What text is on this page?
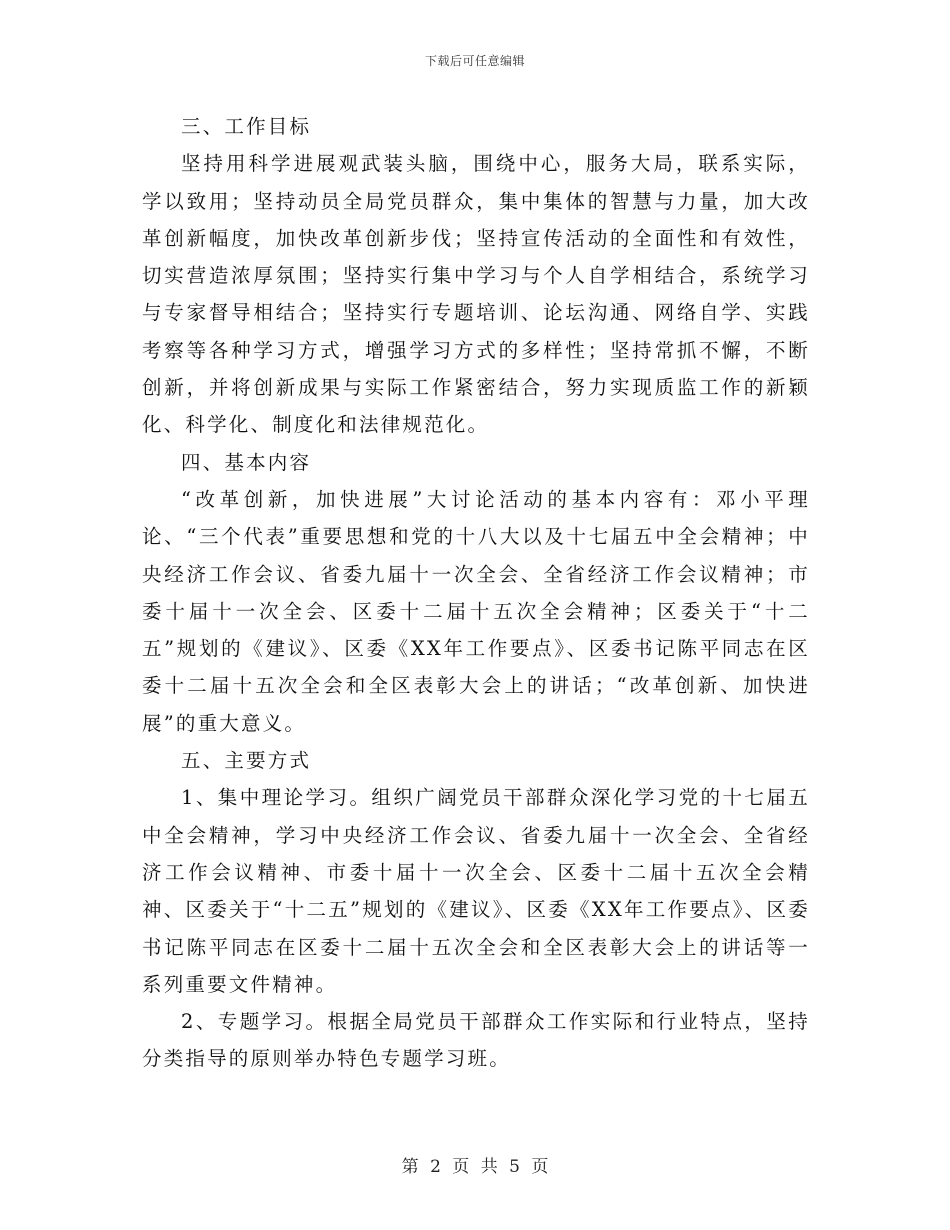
下载后可任意编辑

三、工作目标

坚持用科学进展观武装头脑，围绕中心，服务大局，联系实际，学以致用；坚持动员全局党员群众，集中集体的智慧与力量，加大改革创新幅度，加快改革创新步伐；坚持宣传活动的全面性和有效性，切实营造浓厚氛围；坚持实行集中学习与个人自学相结合，系统学习与专家督导相结合；坚持实行专题培训、论坛沟通、网络自学、实践考察等各种学习方式，增强学习方式的多样性；坚持常抓不懈，不断创新，并将创新成果与实际工作紧密结合，努力实现质监工作的新颖化、科学化、制度化和法律规范化。

四、基本内容

“改革创新，加快进展”大讨论活动的基本内容有：邓小平理论、“三个代表”重要思想和党的十八大以及十七届五中全会精神；中央经济工作会议、省委九届十一次全会、全省经济工作会议精神；市委十届十一次全会、区委十二届十五次全会精神；区委关于“十二五”规划的《建议》、区委《XX年工作要点》、区委书记陈平同志在区委十二届十五次全会和全区表彰大会上的讲话；“改革创新、加快进展”的重大意义。

五、主要方式

1、集中理论学习。组织广阔党员干部群众深化学习党的十七届五中全会精神，学习中央经济工作会议、省委九届十一次全会、全省经济工作会议精神、市委十届十一次全会、区委十二届十五次全会精神、区委关于“十二五”规划的《建议》、区委《XX年工作要点》、区委书记陈平同志在区委十二届十五次全会和全区表彰大会上的讲话等一系列重要文件精神。

2、专题学习。根据全局党员干部群众工作实际和行业特点，坚持分类指导的原则举办特色专题学习班。

第 2 页 共 5 页
